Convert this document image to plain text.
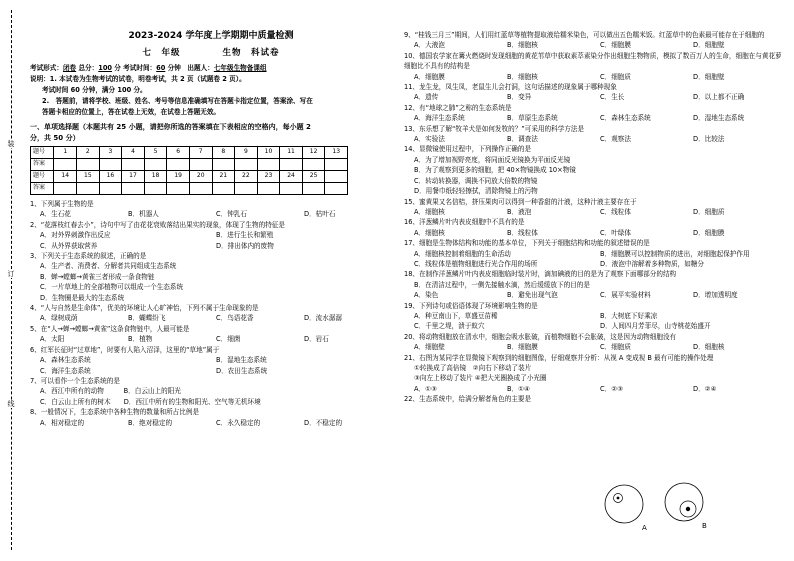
装
订
线
2023-2024 学年度上学期期中质量检测
七　年级	生物　科试卷
考试形式：闭卷 总分：100 分 考试时间：60 分钟　出题人：七年级生物备课组
说明：1. 本试卷为生物考试的试卷，明卷考试，共 2 页（试题卷 2 页）。
考试时间 60 分钟，满分 100 分。
2.　答题前，请将学校、班级、姓名、考号等信息准确填写在答题卡指定位置，答案涂、写在
答题卡相应的位置上，答在试卷上无效，在试卷上答题无效。
一、单项选择题（本题共有 25 小题，请把你所选的答案填在下表相应的空格内，每小题 2
分，共 50 分）
题号	1	2	3	4	5	6	7	8	9	10	11	12	13
答案													
题号	14	15	16	17	18	19	20	21	22	23	24	25	
答案													
1、下列属于生物的是
A．生石花	B．机器人	C．钟乳石	D．枯叶石
2、“花落枝红春去小”，诗句中写了由花花衰败落结出果实的现象，体现了生物的特征是
A．对外界刺激作出反应	B．进行生长和繁殖
C．从外界获取营养	D．排出体内的废物
3、下列关于生态系统的叙述，正确的是
A．生产者、消费者、分解者共同组成生态系统
B．蝉→螳螂→黄雀三者形成一条食物链
C．一片草地上的全部植物可以组成一个生态系统
D．生物圈是最大的生态系统
4、“人与自然是生命体”，优美的环境让人心旷神怡，下列不属于生命现象的是
A．绿树成荫	B．蝴蝶纷飞	C．鸟语花香	D．流水潺潺
5、在“人→蝉→螳螂→黄雀”这条食物链中，人最可能是
A．太阳	B．植物	C．细菌	D．岩石
6、红军长征时“过草地”，时要有人陷入沼泽，这里的“草地”属于
A．森林生态系统	B．湿地生态系统
C．海洋生态系统	D．农田生态系统
7、可以看作一个生态系统的是
A．西江中所有的动物　　　B．白云山上的阳光
C．白云山上所有的树木　　D．西江中所有的生物和阳光、空气等无机环境
8、一般情况下，生态系统中各种生物的数量和所占比例是
A．相对稳定的	B．绝对稳定的	C．永久稳定的	D．不稳定的
9、“桂钱三月三”期间，人们用红蓝草等植物提取液给糯米染色，可以做出五色糯米饭。红蓝草中的色素最可能存在于细胞的
A．大液泡	B．细胞核	C．细胞膜	D．细胞壁
10、德国农学家在篝火燃烧时发现细胞的黄花苇草中获取素萃素染分作出细胞生物物质，模拟了数百万人的生命，细胞在与黄花萝细胞比不具有的结构是
A．细胞膜	B．细胞核	C．细胞质	D．细胞壁
11、龙生龙，凤生凤，老鼠生儿会打洞，这句话描述的现象属于哪种现象
A．遗传	B．变异	C．生长	D．以上都不正确
12、有“地球之肺”之称的生态系统是
A．海洋生态系统	B．草原生态系统	C．森林生态系统	D．湿地生态系统
13、东乐想了解“牧羊犬是如何发牧的？”可采用的科学方法是
A．实验法	B．调查法	C．观察法	D．比较法
14、显微镜使用过程中，下列操作正确的是
A．为了增加视野亮度，将同面反光镜换为平面反光镜
B．为了观察到更多的细胞，把 40×物镜换成 10×物镜
C．转动转换器，调换不同放大倍数的物镜
D．用餐巾纸轻轻擦拭，清除物镜上的污物
15、蜜黄果又名信桔，挤压果肉可以得到一种香甜的汁液，这种汁液主要存在于
A．细胞核	B．液泡	C．线粒体	D．细胞质
16、洋葱鳞片叶内表皮细胞中不具有的是
A．细胞核	B．线粒体	C．叶绿体	D．细胞膜
17、细胞是生物体结构和功能的基本单位，下列关于细胞结构和功能的叙述错误的是
A．细胞核控制着细胞的生命活动	B．细胞膜可以控制物质的进出，对细胞起保护作用
C．线粒体是植物细胞进行光合作用的场所	D．液泡中溶解着多种物质，如糖分
18、在制作洋葱鳞片叶内表皮细胞临时装片时，滴加碘液的目的是为了观察下面哪部分的结构
B．在清洁过程中，一侧先接触水滴，然后缓缓放下的目的是
A．染色	B．避免出现气泡	C．展平实验材料	D．增加透明度
19、下列诗句或俗语体现了环境影响生物的是
A．种豆南山下，草盛豆苗稀	B．大树底下好乘凉
C．千里之堤，溃于蚁穴	D．人间四月芳菲尽，山寺桃花始盛开
20、将动物细胞放在清水中，细胞会吸水胀破，而植物细胞不会胀破，这是因为动物细胞没有
A．细胞壁	B．细胞膜	C．细胞质	D．细胞核
21、右图为某同学在显微镜下观察到的细胞图像，仔细观察并分析：从视 A 变成视 B 最有可能的操作处理
①转换成了高倍镜　②向右下移动了装片
③向左上移动了装片 ④把大光圈换成了小光圈
A．①③	B．①④	C．②③	D．②④
22、生态系统中，给满分解者角色的主要是
A	B
